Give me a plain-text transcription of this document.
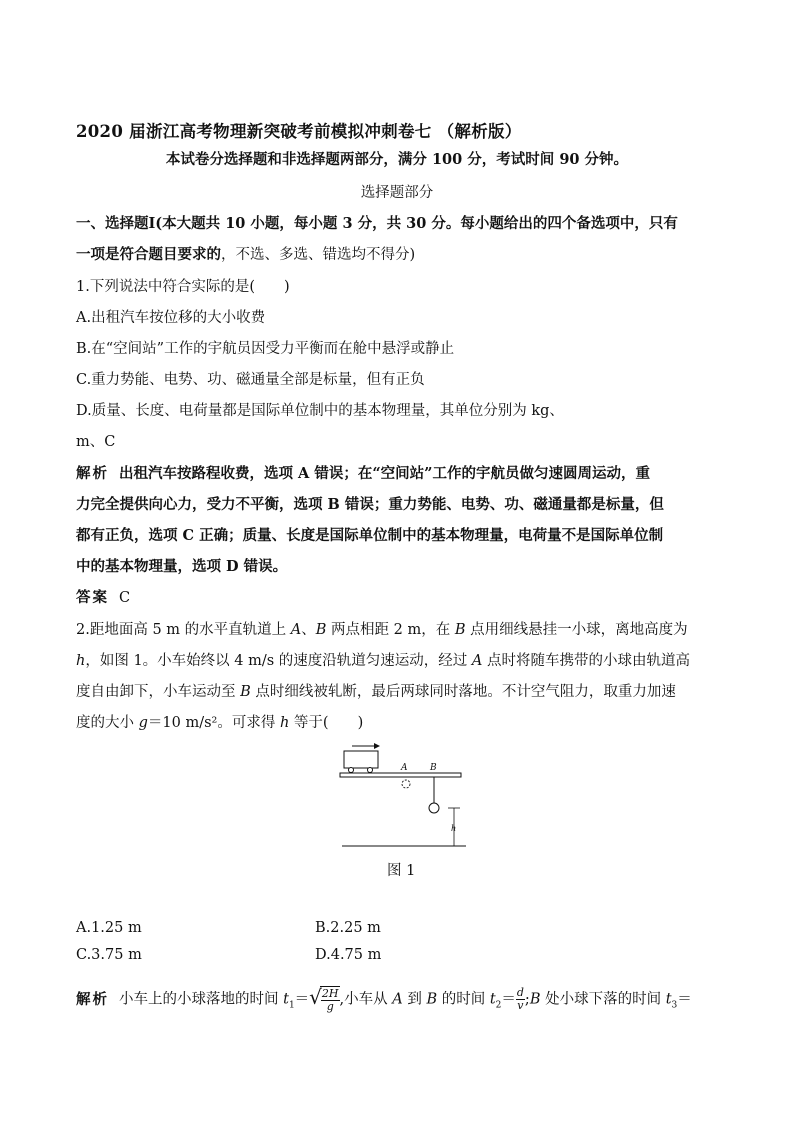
2020 届浙江高考物理新突破考前模拟冲刺卷七 （解析版）
本试卷分选择题和非选择题两部分，满分 100 分，考试时间 90 分钟。
选择题部分
一、选择题Ⅰ(本大题共 10 小题，每小题 3 分，共 30 分。每小题给出的四个备选项中，只有
一项是符合题目要求的，不选、多选、错选均不得分)
1.下列说法中符合实际的是(　　)
A.出租汽车按位移的大小收费
B.在“空间站”工作的宇航员因受力平衡而在舱中悬浮或静止
C.重力势能、电势、功、磁通量全部是标量，但有正负
D.质量、长度、电荷量都是国际单位制中的基本物理量，其单位分别为 kg、
m、C
解析 出租汽车按路程收费，选项 A 错误；在“空间站”工作的宇航员做匀速圆周运动，重
力完全提供向心力，受力不平衡，选项 B 错误；重力势能、电势、功、磁通量都是标量，但
都有正负，选项 C 正确；质量、长度是国际单位制中的基本物理量，电荷量不是国际单位制
中的基本物理量，选项 D 错误。
答案 C
2.距地面高 5 m 的水平直轨道上 A、B 两点相距 2 m，在 B 点用细线悬挂一小球，离地高度为
h，如图 1。小车始终以 4 m/s 的速度沿轨道匀速运动，经过 A 点时将随车携带的小球由轨道高
度自由卸下，小车运动至 B 点时细线被轧断，最后两球同时落地。不计空气阻力，取重力加速
度的大小 g＝10 m/s²。可求得 h 等于(　　)
A	B
h
图 1
A.1.25 m	B.2.25 m
C.3.75 m	D.4.75 m
解析 小车上的小球落地的时间 $t_1=√ \frac{2H}{g}$ ,小车从 A 到 B 的时间 $t_2= \frac{d}{v}$ ;B 处小球下落的时间 $t_3=$
